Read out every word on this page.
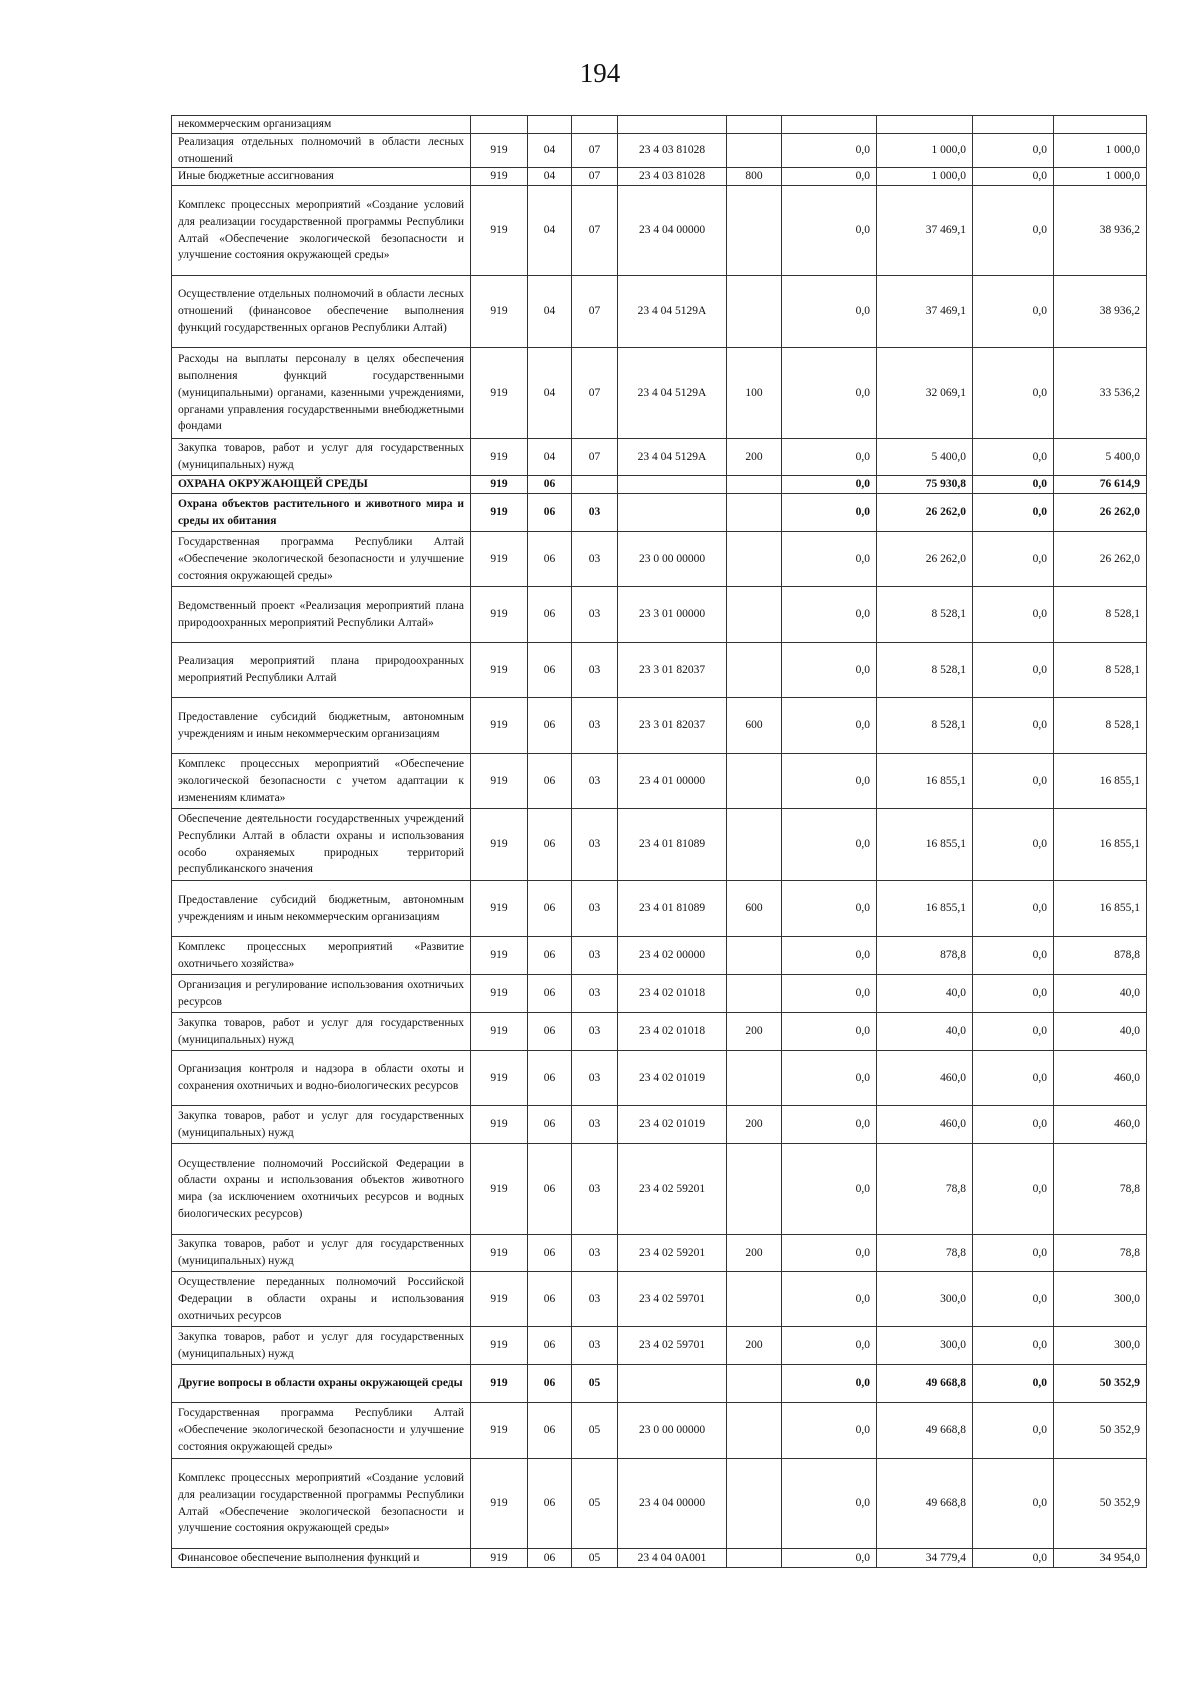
194
некоммерческим организациям									
Реализация отдельных полномочий в области лесных отношений	919	04	07	23 4 03 81028		0,0	1 000,0	0,0	1 000,0
Иные бюджетные ассигнования	919	04	07	23 4 03 81028	800	0,0	1 000,0	0,0	1 000,0
Комплекс процессных мероприятий «Создание условий для реализации государственной программы Республики Алтай «Обеспечение экологической безопасности и улучшение состояния окружающей среды»	919	04	07	23 4 04 00000		0,0	37 469,1	0,0	38 936,2
Осуществление отдельных полномочий в области лесных отношений (финансовое обеспечение выполнения функций государственных органов Республики Алтай)	919	04	07	23 4 04 5129А		0,0	37 469,1	0,0	38 936,2
Расходы на выплаты персоналу в целях обеспечения выполнения функций государственными (муниципальными) органами, казенными учреждениями, органами управления государственными внебюджетными фондами	919	04	07	23 4 04 5129А	100	0,0	32 069,1	0,0	33 536,2
Закупка товаров, работ и услуг для государственных (муниципальных) нужд	919	04	07	23 4 04 5129А	200	0,0	5 400,0	0,0	5 400,0
ОХРАНА ОКРУЖАЮЩЕЙ СРЕДЫ	919	06				0,0	75 930,8	0,0	76 614,9
Охрана объектов растительного и животного мира и среды их обитания	919	06	03			0,0	26 262,0	0,0	26 262,0
Государственная программа Республики Алтай «Обеспечение экологической безопасности и улучшение состояния окружающей среды»	919	06	03	23 0 00 00000		0,0	26 262,0	0,0	26 262,0
Ведомственный проект «Реализация мероприятий плана природоохранных мероприятий Республики Алтай»	919	06	03	23 3 01 00000		0,0	8 528,1	0,0	8 528,1
Реализация мероприятий плана природоохранных мероприятий Республики Алтай	919	06	03	23 3 01 82037		0,0	8 528,1	0,0	8 528,1
Предоставление субсидий бюджетным, автономным учреждениям и иным некоммерческим организациям	919	06	03	23 3 01 82037	600	0,0	8 528,1	0,0	8 528,1
Комплекс процессных мероприятий «Обеспечение экологической безопасности с учетом адаптации к изменениям климата»	919	06	03	23 4 01 00000		0,0	16 855,1	0,0	16 855,1
Обеспечение деятельности государственных учреждений Республики Алтай в области охраны и использования особо охраняемых природных территорий республиканского значения	919	06	03	23 4 01 81089		0,0	16 855,1	0,0	16 855,1
Предоставление субсидий бюджетным, автономным учреждениям и иным некоммерческим организациям	919	06	03	23 4 01 81089	600	0,0	16 855,1	0,0	16 855,1
Комплекс процессных мероприятий «Развитие охотничьего хозяйства»	919	06	03	23 4 02 00000		0,0	878,8	0,0	878,8
Организация и регулирование использования охотничьих ресурсов	919	06	03	23 4 02 01018		0,0	40,0	0,0	40,0
Закупка товаров, работ и услуг для государственных (муниципальных) нужд	919	06	03	23 4 02 01018	200	0,0	40,0	0,0	40,0
Организация контроля и надзора в области охоты и сохранения охотничьих и водно-биологических ресурсов	919	06	03	23 4 02 01019		0,0	460,0	0,0	460,0
Закупка товаров, работ и услуг для государственных (муниципальных) нужд	919	06	03	23 4 02 01019	200	0,0	460,0	0,0	460,0
Осуществление полномочий Российской Федерации в области охраны и использования объектов животного мира (за исключением охотничьих ресурсов и водных биологических ресурсов)	919	06	03	23 4 02 59201		0,0	78,8	0,0	78,8
Закупка товаров, работ и услуг для государственных (муниципальных) нужд	919	06	03	23 4 02 59201	200	0,0	78,8	0,0	78,8
Осуществление переданных полномочий Российской Федерации в области охраны и использования охотничьих ресурсов	919	06	03	23 4 02 59701		0,0	300,0	0,0	300,0
Закупка товаров, работ и услуг для государственных (муниципальных) нужд	919	06	03	23 4 02 59701	200	0,0	300,0	0,0	300,0
Другие вопросы в области охраны окружающей среды	919	06	05			0,0	49 668,8	0,0	50 352,9
Государственная программа Республики Алтай «Обеспечение экологической безопасности и улучшение состояния окружающей среды»	919	06	05	23 0 00 00000		0,0	49 668,8	0,0	50 352,9
Комплекс процессных мероприятий «Создание условий для реализации государственной программы Республики Алтай «Обеспечение экологической безопасности и улучшение состояния окружающей среды»	919	06	05	23 4 04 00000		0,0	49 668,8	0,0	50 352,9
Финансовое обеспечение выполнения функций и	919	06	05	23 4 04 0А001		0,0	34 779,4	0,0	34 954,0
